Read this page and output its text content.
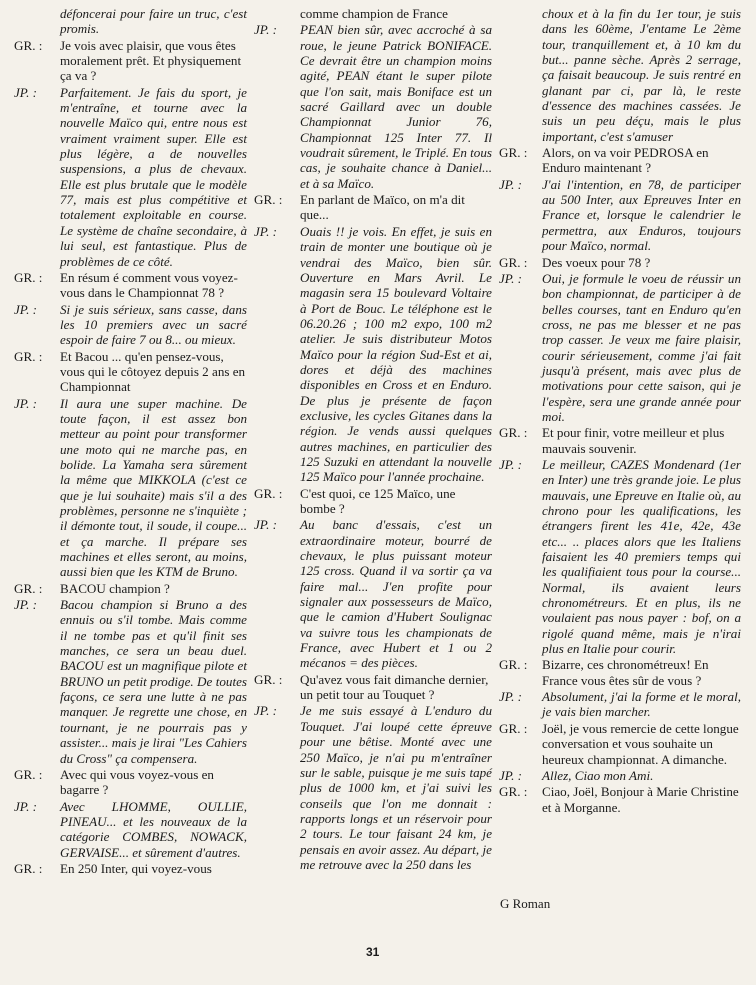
défoncerai pour faire un truc, c'est promis.
GR. :	Je vois avec plaisir, que vous êtes moralement prêt. Et physiquement ça va ?
JP. :	Parfaitement. Je fais du sport, je m'entraîne, et tourne avec la nouvelle Maïco qui, entre nous est vraiment vraiment super. Elle est plus légère, a de nouvelles suspensions, a plus de chevaux. Elle est plus brutale que le modèle 77, mais est plus compétitive et totalement exploitable en course. Le système de chaîne secondaire, à lui seul, est fantastique. Plus de problèmes de ce côté.
GR. :	En résum é comment vous voyez-vous dans le Championnat 78 ?
JP. :	Si je suis sérieux, sans casse, dans les 10 premiers avec un sacré espoir de faire 7 ou 8... ou mieux.
GR. :	Et Bacou ... qu'en pensez-vous, vous qui le côtoyez depuis 2 ans en Championnat
JP. :	Il aura une super machine. De toute façon, il est assez bon metteur au point pour transformer une moto qui ne marche pas, en bolide. La Yamaha sera sûrement la même que MIKKOLA (c'est ce que je lui souhaite) mais s'il a des problèmes, personne ne s'inquiète ; il démonte tout, il soude, il coupe... et ça marche. Il prépare ses machines et elles seront, au moins, aussi bien que les KTM de Bruno.
GR. :	BACOU champion ?
JP. :	Bacou champion si Bruno a des ennuis ou s'il tombe. Mais comme il ne tombe pas et qu'il finit ses manches, ce sera un beau duel. BACOU est un magnifique pilote et BRUNO un petit prodige. De toutes façons, ce sera une lutte à ne pas manquer. Je regrette une chose, en tournant, je ne pourrais pas y assister... mais je lirai "Les Cahiers du Cross" ça compensera.
GR. :	Avec qui vous voyez-vous en bagarre ?
JP. :	Avec LHOMME, OULLIE, PINEAU... et les nouveaux de la catégorie COMBES, NOWACK, GERVAISE... et sûrement d'autres.
GR. :	En 250 Inter, qui voyez-vous
comme champion de France
JP. :	PEAN bien sûr, avec accroché à sa roue, le jeune Patrick BONIFACE. Ce devrait être un champion moins agité, PEAN étant le super pilote que l'on sait, mais Boniface est un sacré Gaillard avec un double Championnat Junior 76, Championnat 125 Inter 77. Il voudrait sûrement, le Triplé. En tous cas, je souhaite chance à Daniel... et à sa Maïco.
GR. :	En parlant de Maïco, on m'a dit que...
JP. :	Ouais !! je vois. En effet, je suis en train de monter une boutique où je vendrai des Maïco, bien sûr. Ouverture en Mars Avril. Le magasin sera 15 boulevard Voltaire à Port de Bouc. Le téléphone est le 06.20.26 ; 100 m2 expo, 100 m2 atelier. Je suis distributeur Motos Maïco pour la région Sud-Est et ai, dores et déjà des machines disponibles en Cross et en Enduro. De plus je présente de façon exclusive, les cycles Gitanes dans la région. Je vends aussi quelques autres machines, en particulier des 125 Suzuki en attendant la nouvelle 125 Maïco pour l'année prochaine.
GR. :	C'est quoi, ce 125 Maïco, une bombe ?
JP. :	Au banc d'essais, c'est un extraordinaire moteur, bourré de chevaux, le plus puissant moteur 125 cross. Quand il va sortir ça va faire mal... J'en profite pour signaler aux possesseurs de Maïco, que le camion d'Hubert Soulignac va suivre tous les championats de France, avec Hubert et 1 ou 2 mécanos = des pièces.
GR. :	Qu'avez vous fait dimanche dernier, un petit tour au Touquet ?
JP. :	Je me suis essayé à L'enduro du Touquet. J'ai loupé cette épreuve pour une bêtise. Monté avec une 250 Maïco, je n'ai pu m'entraîner sur le sable, puisque je me suis tapé plus de 1000 km, et j'ai suivi les conseils que l'on me donnait : rapports longs et un réservoir pour 2 tours. Le tour faisant 24 km, je pensais en avoir assez. Au départ, je me retrouve avec la 250 dans les
choux et à la fin du 1er tour, je suis dans les 60ème, J'entame Le 2ème tour, tranquillement et, à 10 km du but... panne sèche. Après 2 serrage, ça faisait beaucoup. Je suis rentré en glanant par ci, par là, le reste d'essence des machines cassées. Je suis un peu déçu, mais le plus important, c'est s'amuser
GR. :	Alors, on va voir PEDROSA en Enduro maintenant ?
JP. :	J'ai l'intention, en 78, de participer au 500 Inter, aux Epreuves Inter en France et, lorsque le calendrier le permettra, aux Enduros, toujours pour Maïco, normal.
GR. :	Des voeux pour 78 ?
JP. :	Oui, je formule le voeu de réussir un bon championnat, de participer à de belles courses, tant en Enduro qu'en cross, ne pas me blesser et ne pas trop casser. Je veux me faire plaisir, courir sérieusement, comme j'ai fait jusqu'à présent, mais avec plus de motivations pour cette saison, qui je l'espère, sera une grande année pour moi.
GR. :	Et pour finir, votre meilleur et plus mauvais souvenir.
JP. :	Le meilleur, CAZES Mondenard (1er en Inter) une très grande joie. Le plus mauvais, une Epreuve en Italie où, au chrono pour les qualifications, les étrangers firent les 41e, 42e, 43e etc... .. places alors que les Italiens faisaient les 40 premiers temps qui les qualifiaient tous pour la course... Normal, ils avaient leurs chronométreurs. Et en plus, ils ne voulaient pas nous payer : bof, on a rigolé quand même, mais je n'irai plus en Italie pour courir.
GR. :	Bizarre, ces chronométreux! En France vous êtes sûr de vous ?
JP. :	Absolument, j'ai la forme et le moral, je vais bien marcher.
GR. :	Joël, je vous remercie de cette longue conversation et vous souhaite un heureux championnat. A dimanche.
JP. :	Allez, Ciao mon Ami.
GR. :	Ciao, Joël, Bonjour à Marie Christine et à Morganne.
G Roman
31
